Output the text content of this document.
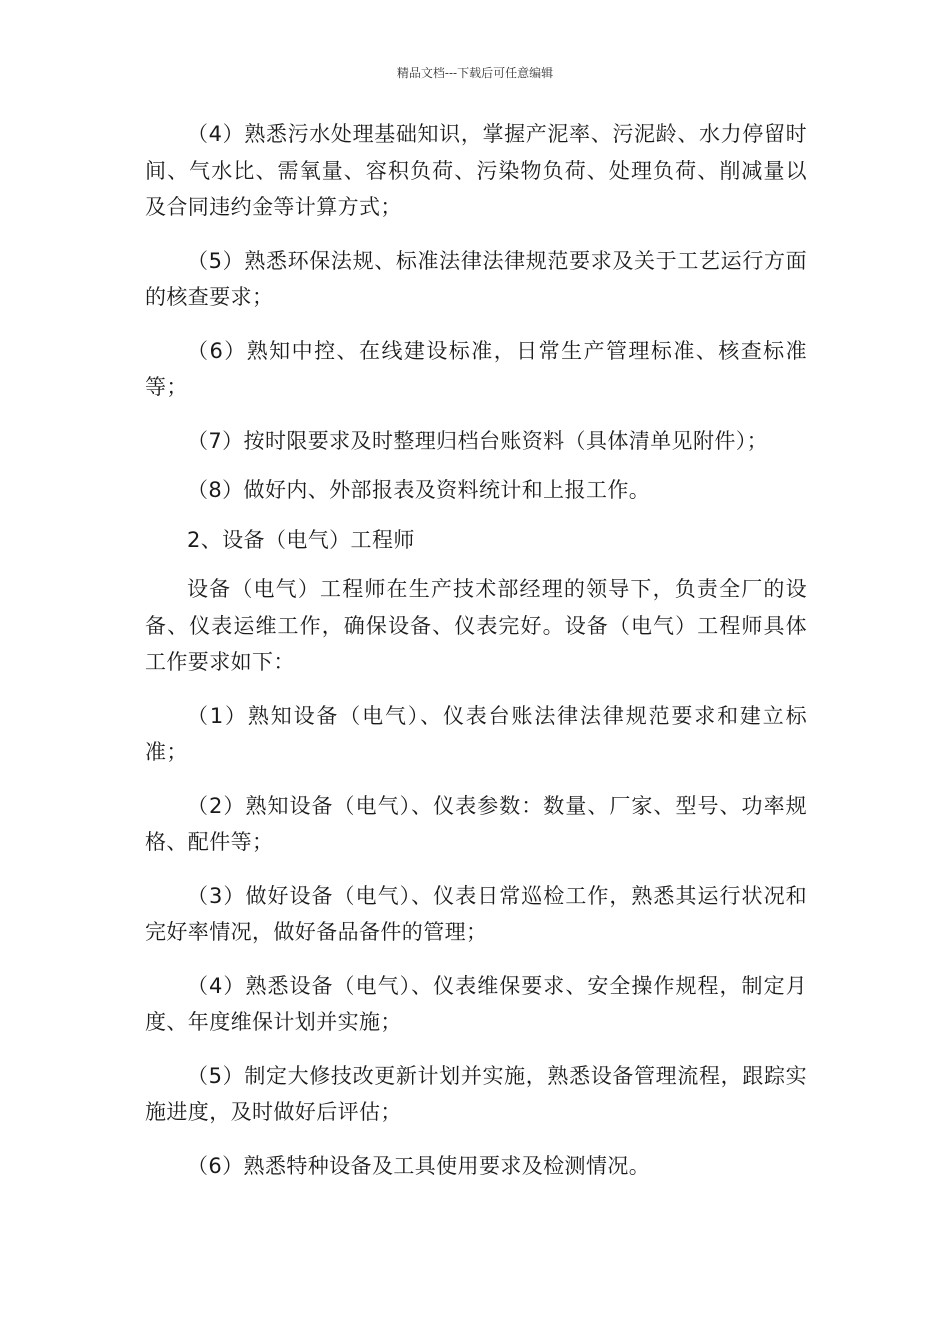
精品文档---下载后可任意编辑

（4）熟悉污水处理基础知识，掌握产泥率、污泥龄、水力停留时间、气水比、需氧量、容积负荷、污染物负荷、处理负荷、削减量以及合同违约金等计算方式；

（5）熟悉环保法规、标准法律法律规范要求及关于工艺运行方面的核查要求；

（6）熟知中控、在线建设标准，日常生产管理标准、核查标准等；

（7）按时限要求及时整理归档台账资料（具体清单见附件）；

（8）做好内、外部报表及资料统计和上报工作。

2、设备（电气）工程师

设备（电气）工程师在生产技术部经理的领导下，负责全厂的设备、仪表运维工作，确保设备、仪表完好。设备（电气）工程师具体工作要求如下：

（1）熟知设备（电气）、仪表台账法律法律规范要求和建立标准；

（2）熟知设备（电气）、仪表参数：数量、厂家、型号、功率规格、配件等；

（3）做好设备（电气）、仪表日常巡检工作，熟悉其运行状况和完好率情况，做好备品备件的管理；

（4）熟悉设备（电气）、仪表维保要求、安全操作规程，制定月度、年度维保计划并实施；

（5）制定大修技改更新计划并实施，熟悉设备管理流程，跟踪实施进度，及时做好后评估；

（6）熟悉特种设备及工具使用要求及检测情况。
